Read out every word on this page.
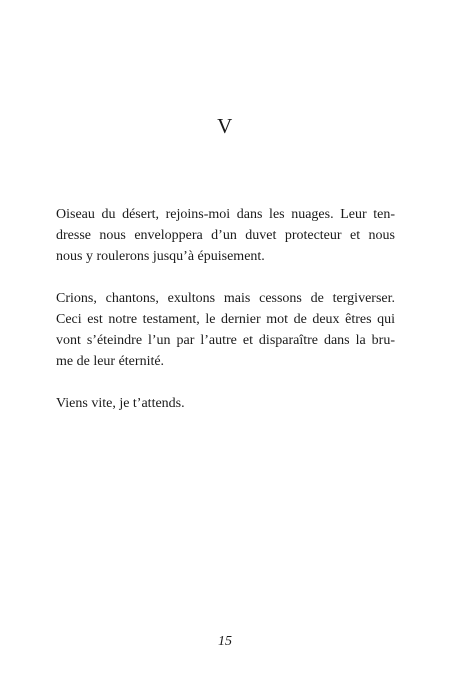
V

Oiseau du désert, rejoins-moi dans les nuages. Leur ten-
dresse nous enveloppera d’un duvet protecteur et nous
nous y roulerons jusqu’à épuisement.

Crions, chantons, exultons mais cessons de tergiverser.
Ceci est notre testament, le dernier mot de deux êtres qui
vont s’éteindre l’un par l’autre et disparaître dans la bru-
me de leur éternité.

Viens vite, je t’attends.

15
